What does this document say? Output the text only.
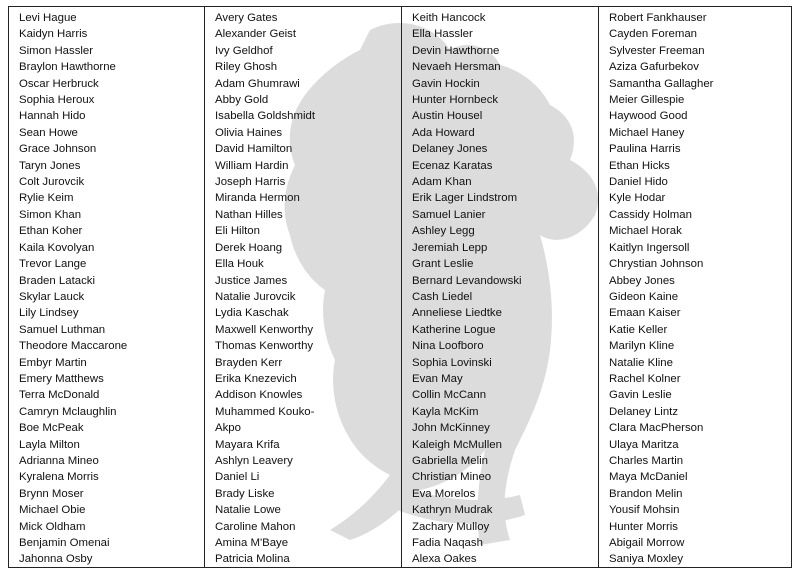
Levi Hague
Kaidyn Harris
Simon Hassler
Braylon Hawthorne
Oscar Herbruck
Sophia Heroux
Hannah Hido
Sean Howe
Grace Johnson
Taryn Jones
Colt Jurovcik
Rylie Keim
Simon Khan
Ethan Koher
Kaila Kovolyan
Trevor Lange
Braden Latacki
Skylar Lauck
Lily Lindsey
Samuel Luthman
Theodore Maccarone
Embyr Martin
Emery Matthews
Terra McDonald
Camryn Mclaughlin
Boe McPeak
Layla Milton
Adrianna Mineo
Kyralena Morris
Brynn Moser
Michael Obie
Mick Oldham
Benjamin Omenai
Jahonna Osby
Avery Gates
Alexander Geist
Ivy Geldhof
Riley Ghosh
Adam Ghumrawi
Abby Gold
Isabella Goldshmidt
Olivia Haines
David Hamilton
William Hardin
Joseph Harris
Miranda Hermon
Nathan Hilles
Eli Hilton
Derek Hoang
Ella Houk
Justice James
Natalie Jurovcik
Lydia Kaschak
Maxwell Kenworthy
Thomas Kenworthy
Brayden Kerr
Erika Knezevich
Addison Knowles
Muhammed Kouko-Akpo
Mayara Krifa
Ashlyn Leavery
Daniel Li
Brady Liske
Natalie Lowe
Caroline Mahon
Amina M'Baye
Patricia Molina
Keith Hancock
Ella Hassler
Devin Hawthorne
Nevaeh Hersman
Gavin Hockin
Hunter Hornbeck
Austin Housel
Ada Howard
Delaney Jones
Ecenaz Karatas
Adam Khan
Erik Lager Lindstrom
Samuel Lanier
Ashley Legg
Jeremiah Lepp
Grant Leslie
Bernard Levandowski
Cash Liedel
Anneliese Liedtke
Katherine Logue
Nina Loofboro
Sophia Lovinski
Evan May
Collin McCann
Kayla McKim
John McKinney
Kaleigh McMullen
Gabriella Melin
Christian Mineo
Eva Morelos
Kathryn Mudrak
Zachary Mulloy
Fadia Naqash
Alexa Oakes
Robert Fankhauser
Cayden Foreman
Sylvester Freeman
Aziza Gafurbekov
Samantha Gallagher
Meier Gillespie
Haywood Good
Michael Haney
Paulina Harris
Ethan Hicks
Daniel Hido
Kyle Hodar
Cassidy Holman
Michael Horak
Kaitlyn Ingersoll
Chrystian Johnson
Abbey Jones
Gideon Kaine
Emaan Kaiser
Katie Keller
Marilyn Kline
Natalie Kline
Rachel Kolner
Gavin Leslie
Delaney Lintz
Clara MacPherson
Ulaya Maritza
Charles Martin
Maya McDaniel
Brandon Melin
Yousif Mohsin
Hunter Morris
Abigail Morrow
Saniya Moxley
